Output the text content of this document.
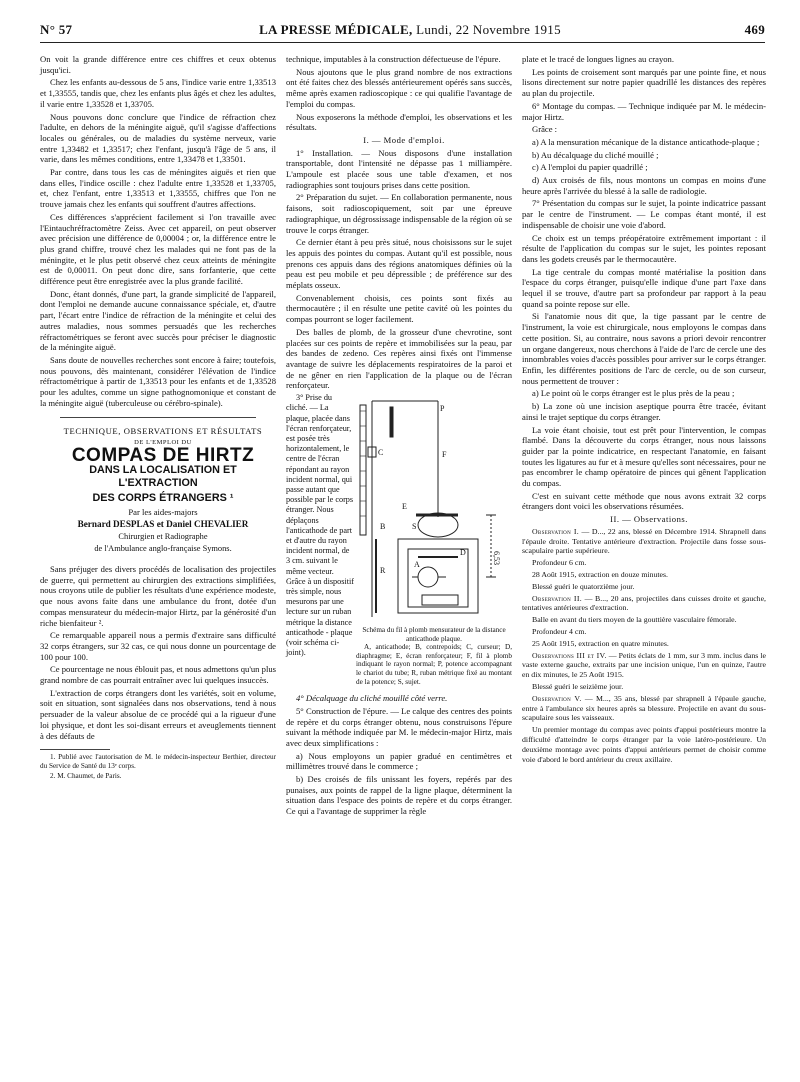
N° 57	LA PRESSE MÉDICALE, Lundi, 22 Novembre 1915	469

On voit la grande différence entre ces chiffres et ceux obtenus jusqu'ici.

Chez les enfants au-dessous de 5 ans, l'indice varie entre 1,33513 et 1,33555, tandis que, chez les enfants plus âgés et chez les adultes, il varie entre 1,33528 et 1,33705.

Nous pouvons donc conclure que l'indice de réfraction chez l'adulte, en dehors de la méningite aiguë, qu'il s'agisse d'affections locales ou générales, ou de maladies du système nerveux, varie entre 1,33482 et 1,33517; chez l'enfant, jusqu'à l'âge de 5 ans, il varie, dans les mêmes conditions, entre 1,33478 et 1,33501.

Par contre, dans tous les cas de méningites aiguës et rien que dans elles, l'indice oscille : chez l'adulte entre 1,33528 et 1,33705, et, chez l'enfant, entre 1,33513 et 1,33555, chiffres que l'on ne trouve jamais chez les enfants qui souffrent d'autres affections.

Ces différences s'apprécient facilement si l'on travaille avec l'Eintauchréfractomètre Zeiss. Avec cet appareil, on peut observer avec précision une différence de 0,00004 ; or, la différence entre le plus grand chiffre, trouvé chez les malades qui ne font pas de la méningite, et le plus petit observé chez ceux atteints de méningite est de 0,00011. On peut donc dire, sans forfanterie, que cette différence peut être enregistrée avec la plus grande facilité.

Donc, étant donnés, d'une part, la grande simplicité de l'appareil, dont l'emploi ne demande aucune connaissance spéciale, et, d'autre part, l'écart entre l'indice de réfraction de la méningite et celui des autres maladies, nous sommes persuadés que les recherches réfractométriques se feront avec succès pour préciser le diagnostic de la méningite aiguë.

Sans doute de nouvelles recherches sont encore à faire; toutefois, nous pouvons, dès maintenant, considérer l'élévation de l'indice réfractométrique à partir de 1,33513 pour les enfants et de 1,33528 pour les adultes, comme un signe pathognomonique et constant de la méningite aiguë (tuberculeuse ou cérébro-spinale).

TECHNIQUE, OBSERVATIONS ET RÉSULTATS

DE L'EMPLOI DU

COMPAS DE HIRTZ

DANS LA LOCALISATION ET L'EXTRACTION

DES CORPS ÉTRANGERS ¹

Par les aides-majors

Bernard DESPLAS et Daniel CHEVALIER

Chirurgien et Radiographe

de l'Ambulance anglo-française Symons.

Sans préjuger des divers procédés de localisation des projectiles de guerre, qui permettent au chirurgien des extractions simplifiées, nous croyons utile de publier les résultats d'une expérience modeste, que nous avons faite dans une ambulance du front, dotée d'un compas mensurateur du médecin-major Hirtz, par la générosité d'un riche bienfaiteur ².

Ce remarquable appareil nous a permis d'extraire sans difficulté 32 corps étrangers, sur 32 cas, ce qui nous donne un pourcentage de 100 pour 100.

Ce pourcentage ne nous éblouit pas, et nous admettons qu'un plus grand nombre de cas pourrait entraîner avec lui quelques insuccès.

L'extraction de corps étrangers dont les variétés, soit en volume, soit en situation, sont signalées dans nos observations, tend à nous persuader de la valeur absolue de ce procédé qui a la rigueur d'une loi physique, et dont les soi-disant erreurs et aveuglements tiennent à des défauts de

1. Publié avec l'autorisation de M. le médecin-inspecteur Berthier, directeur du Service de Santé du 13ᵉ corps.

2. M. Chaumet, de Paris.

technique, imputables à la construction défectueuse de l'épure.

Nous ajoutons que le plus grand nombre de nos extractions ont été faites chez des blessés antérieurement opérés sans succès, même après examen radioscopique : ce qui qualifie l'avantage de l'emploi du compas.

Nous exposerons la méthode d'emploi, les observations et les résultats.

I. — Mode d'emploi.

1° Installation. — Nous disposons d'une installation transportable, dont l'intensité ne dépasse pas 1 milliampère. L'ampoule est placée sous une table d'examen, et nos radiographies sont toujours prises dans cette position.

2° Préparation du sujet. — En collaboration permanente, nous faisons, soit radioscopiquement, soit par une épreuve radiographique, un dégrossissage indispensable de la région où se trouve le corps étranger.

Ce dernier étant à peu près situé, nous choisissons sur le sujet les appuis des pointes du compas. Autant qu'il est possible, nous prenons ces appuis dans des régions anatomiques définies où la peau est peu mobile et peu dépressible ; de préférence sur des méplats osseux.

Convenablement choisis, ces points sont fixés au thermocautère ; il en résulte une petite cavité où les pointes du compas pourront se loger facilement.

Des balles de plomb, de la grosseur d'une chevrotine, sont placées sur ces points de repère et immobilisées sur la peau, par des bandes de zedeno. Ces repères ainsi fixés ont l'immense avantage de suivre les déplacements respiratoires de la paroi et de ne gêner en rien l'application de la plaque ou de l'écran renforçateur.

3° Prise du cliché. — La plaque, placée dans l'écran renforçateur, est posée très horizontalement, le centre de l'écran répondant au rayon incident normal, qui passe autant que possible par le corps étranger. Nous déplaçons l'anticathode de part et d'autre du rayon incident normal, de 3 cm. suivant le même vecteur. Grâce à un dispositif très simple, nous mesurons par une lecture sur un ruban métrique la distance anticathode - plaque (voir schéma ci-joint).

P
F
C
E
S
B
D
R
A	6,53
Schéma du fil à plomb mensurateur de la distance anticathode plaque.
A, anticathode; B, contrepoids; C, curseur; D, diaphragme; E, écran renforçateur; F, fil à plomb indiquant le rayon normal; P, potence accompagnant le chariot du tube; R, ruban métrique fixé au montant de la potence; S, sujet.

4° Décalquage du cliché mouillé côté verre.

5° Construction de l'épure. — Le calque des centres des points de repère et du corps étranger obtenu, nous construisons l'épure suivant la méthode indiquée par M. le médecin-major Hirtz, mais avec deux simplifications :

a) Nous employons un papier gradué en centimètres et millimètres trouvé dans le commerce ;

b) Des croisés de fils unissant les foyers, repérés par des punaises, aux points de rappel de la ligne plaque, déterminent la situation dans l'espace des points de repère et du corps étranger. Ce qui a l'avantage de supprimer la règle

plate et le tracé de longues lignes au crayon.

Les points de croisement sont marqués par une pointe fine, et nous lisons directement sur notre papier quadrillé les distances des repères au plan du projectile.

6° Montage du compas. — Technique indiquée par M. le médecin-major Hirtz.

Grâce :

a) A la mensuration mécanique de la distance anticathode-plaque ;

b) Au décalquage du cliché mouillé ;

c) A l'emploi du papier quadrillé ;

d) Aux croisés de fils, nous montons un compas en moins d'une heure après l'arrivée du blessé à la salle de radiologie.

7° Présentation du compas sur le sujet, la pointe indicatrice passant par le centre de l'instrument. — Le compas étant monté, il est indispensable de choisir une voie d'abord.

Ce choix est un temps préopératoire extrêmement important : il résulte de l'application du compas sur le sujet, les pointes reposant dans les godets creusés par le thermocautère.

La tige centrale du compas monté matérialise la position dans l'espace du corps étranger, puisqu'elle indique d'une part l'axe dans lequel il se trouve, d'autre part sa profondeur par rapport à la peau quand sa pointe repose sur elle.

Si l'anatomie nous dit que, la tige passant par le centre de l'instrument, la voie est chirurgicale, nous employons le compas dans cette position. Si, au contraire, nous savons a priori devoir rencontrer un organe dangereux, nous cherchons à l'aide de l'arc de cercle une des innombrables voies d'accès possibles pour arriver sur le corps étranger. Enfin, les différentes positions de l'arc de cercle, ou de son curseur, nous permettent de trouver :

a) Le point où le corps étranger est le plus près de la peau ;

b) La zone où une incision aseptique pourra être tracée, évitant ainsi le trajet septique du corps étranger.

La voie étant choisie, tout est prêt pour l'intervention, le compas flambé. Dans la découverte du corps étranger, nous nous laissons guider par la pointe indicatrice, en respectant l'anatomie, en faisant toutes les ligatures au fur et à mesure qu'elles sont nécessaires, pour ne pas encombrer le champ opératoire de pinces qui gênent l'application du compas.

C'est en suivant cette méthode que nous avons extrait 32 corps étrangers dont voici les observations résumées.

II. — Observations.

Observation I. — D..., 22 ans, blessé en Décembre 1914. Shrapnell dans l'épaule droite. Tentative antérieure d'extraction. Projectile dans fosse sous-scapulaire partie supérieure.

Profondeur 6 cm.

28 Août 1915, extraction en douze minutes.

Blessé guéri le quatorzième jour.

Observation II. — B..., 20 ans, projectiles dans cuisses droite et gauche, tentatives antérieures d'extraction.

Balle en avant du tiers moyen de la gouttière vasculaire fémorale.

Profondeur 4 cm.

25 Août 1915, extraction en quatre minutes.

Observations III et IV. — Petits éclats de 1 mm, sur 3 mm. inclus dans le vaste externe gauche, extraits par une incision unique, l'un en quinze, l'autre en dix minutes, le 25 Août 1915.

Blessé guéri le seizième jour.

Observation V. — M..., 35 ans, blessé par shrapnell à l'épaule gauche, entre à l'ambulance six heures après sa blessure. Projectile en avant du sous-scapulaire sous les vaisseaux.

Un premier montage du compas avec points d'appui postérieurs montre la difficulté d'atteindre le corps étranger par la voie latéro-postérieure. Un deuxième montage avec points d'appui antérieurs permet de choisir comme voie d'abord le bord antérieur du creux axillaire.
